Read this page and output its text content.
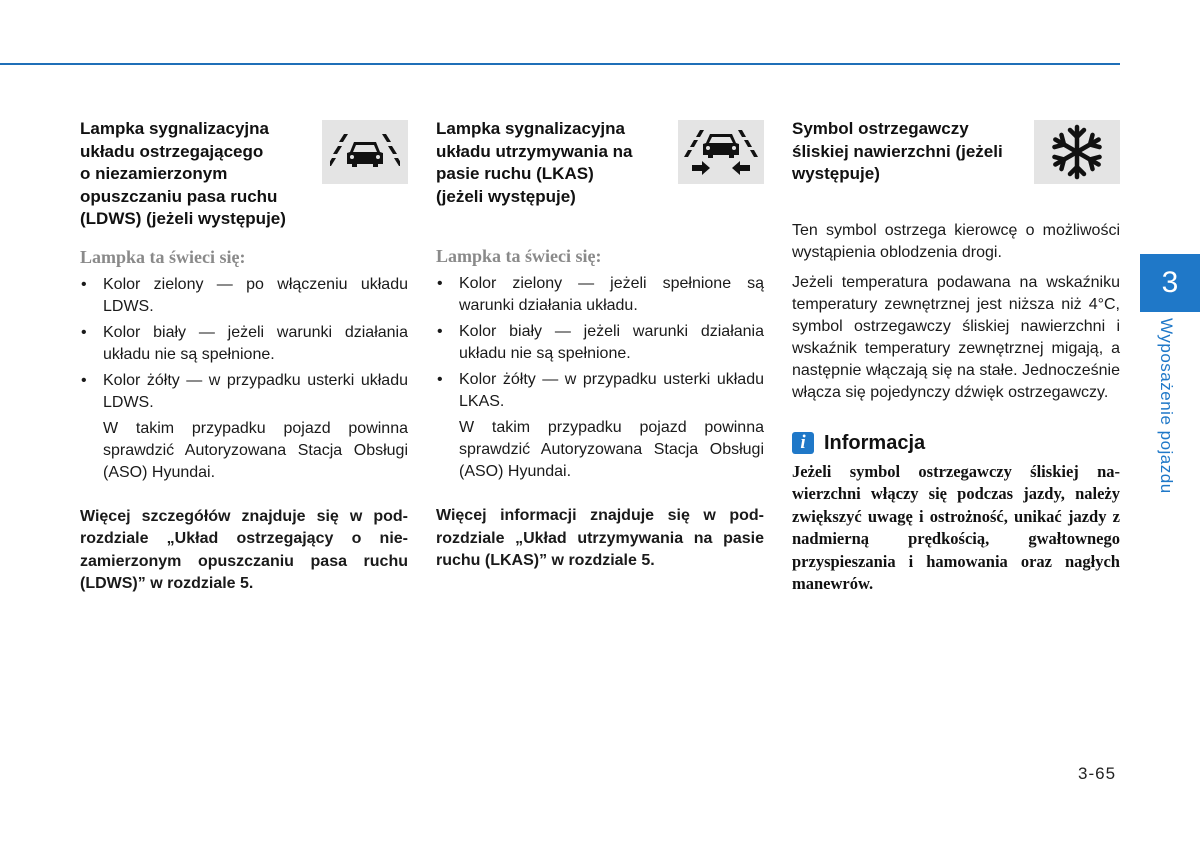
Lampka sygnalizacyjna
układu ostrzegającego
o niezamierzonym
opuszczaniu pasa ruchu
(LDWS) (jeżeli występuje)
Lampka ta świeci się:
• Kolor zielony — po włączeniu układu LDWS.
• Kolor biały — jeżeli warunki działania układu nie są spełnione.
• Kolor żółty — w przypadku usterki układu LDWS.

W takim przypadku pojazd powinna sprawdzić Autoryzowana Stacja Obsługi (ASO) Hyundai.

Więcej szczegółów znajduje się w podrozdziale „Układ ostrzegający o niezamierzonym opuszczaniu pasa ruchu (LDWS)” w rozdziale 5.

Lampka sygnalizacyjna
układu utrzymywania na
pasie ruchu (LKAS)
(jeżeli występuje)
Lampka ta świeci się:
• Kolor zielony — jeżeli spełnione są warunki działania układu.
• Kolor biały — jeżeli warunki działania układu nie są spełnione.
• Kolor żółty — w przypadku usterki układu LKAS.

W takim przypadku pojazd powinna sprawdzić Autoryzowana Stacja Obsługi (ASO) Hyundai.

Więcej informacji znajduje się w podrozdziale „Układ utrzymywania na pasie ruchu (LKAS)” w rozdziale 5.

Symbol ostrzegawczy
śliskiej nawierzchni (jeżeli
występuje)

Ten symbol ostrzega kierowcę o możliwości wystąpienia oblodzenia drogi.

Jeżeli temperatura podawana na wskaźniku temperatury zewnętrznej jest niższa niż 4°C, symbol ostrzegawczy śliskiej nawierzchni i wskaźnik temperatury zewnętrznej migają, a następnie włączają się na stałe. Jednocześnie włącza się pojedynczy dźwięk ostrzegawczy.

i Informacja

Jeżeli symbol ostrzegawczy śliskiej nawierzchni włączy się podczas jazdy, należy zwiększyć uwagę i ostrożność, unikać jazdy z nadmierną prędkością, gwałtownego przyspieszania i hamowania oraz nagłych manewrów.

3
Wyposażenie pojazdu
3-65
